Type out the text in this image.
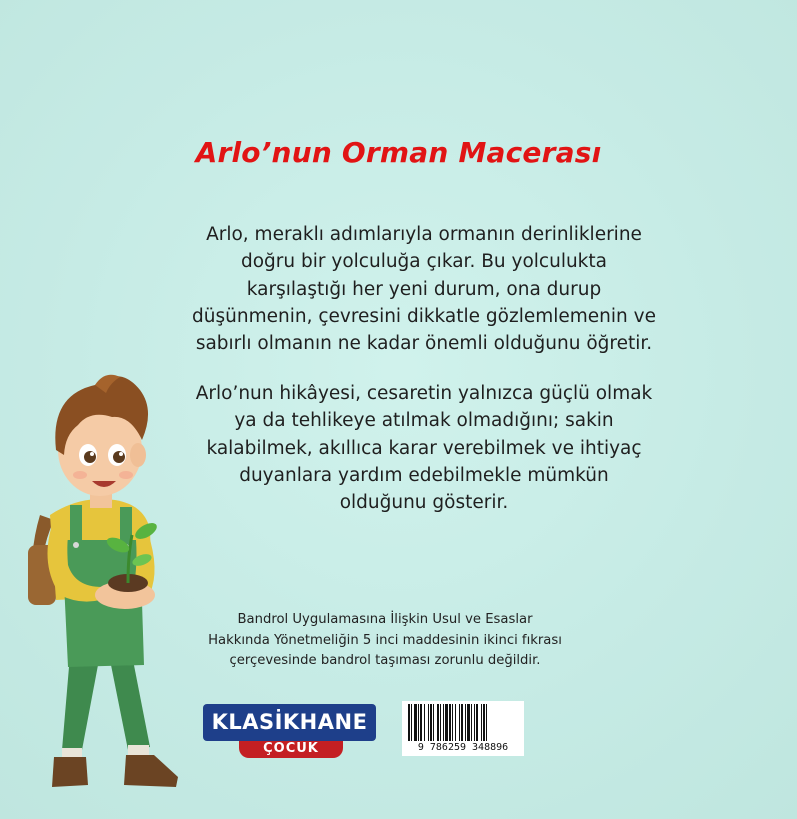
Arlo’nun Orman Macerası
Arlo, meraklı adımlarıyla ormanın derinliklerine
doğru bir yolculuğa çıkar. Bu yolculukta
karşılaştığı her yeni durum, ona durup
düşünmenin, çevresini dikkatle gözlemlemenin ve
sabırlı olmanın ne kadar önemli olduğunu öğretir.
Arlo’nun hikâyesi, cesaretin yalnızca güçlü olmak
ya da tehlikeye atılmak olmadığını; sakin
kalabilmek, akıllıca karar verebilmek ve ihtiyaç
duyanlara yardım edebilmekle mümkün
olduğunu gösterir.
Bandrol Uygulamasına İlişkin Usul ve Esaslar
Hakkında Yönetmeliğin 5 inci maddesinin ikinci fıkrası
çerçevesinde bandrol taşıması zorunlu değildir.
ÇOCUK
KLASİKHANE
9 786259 348896
